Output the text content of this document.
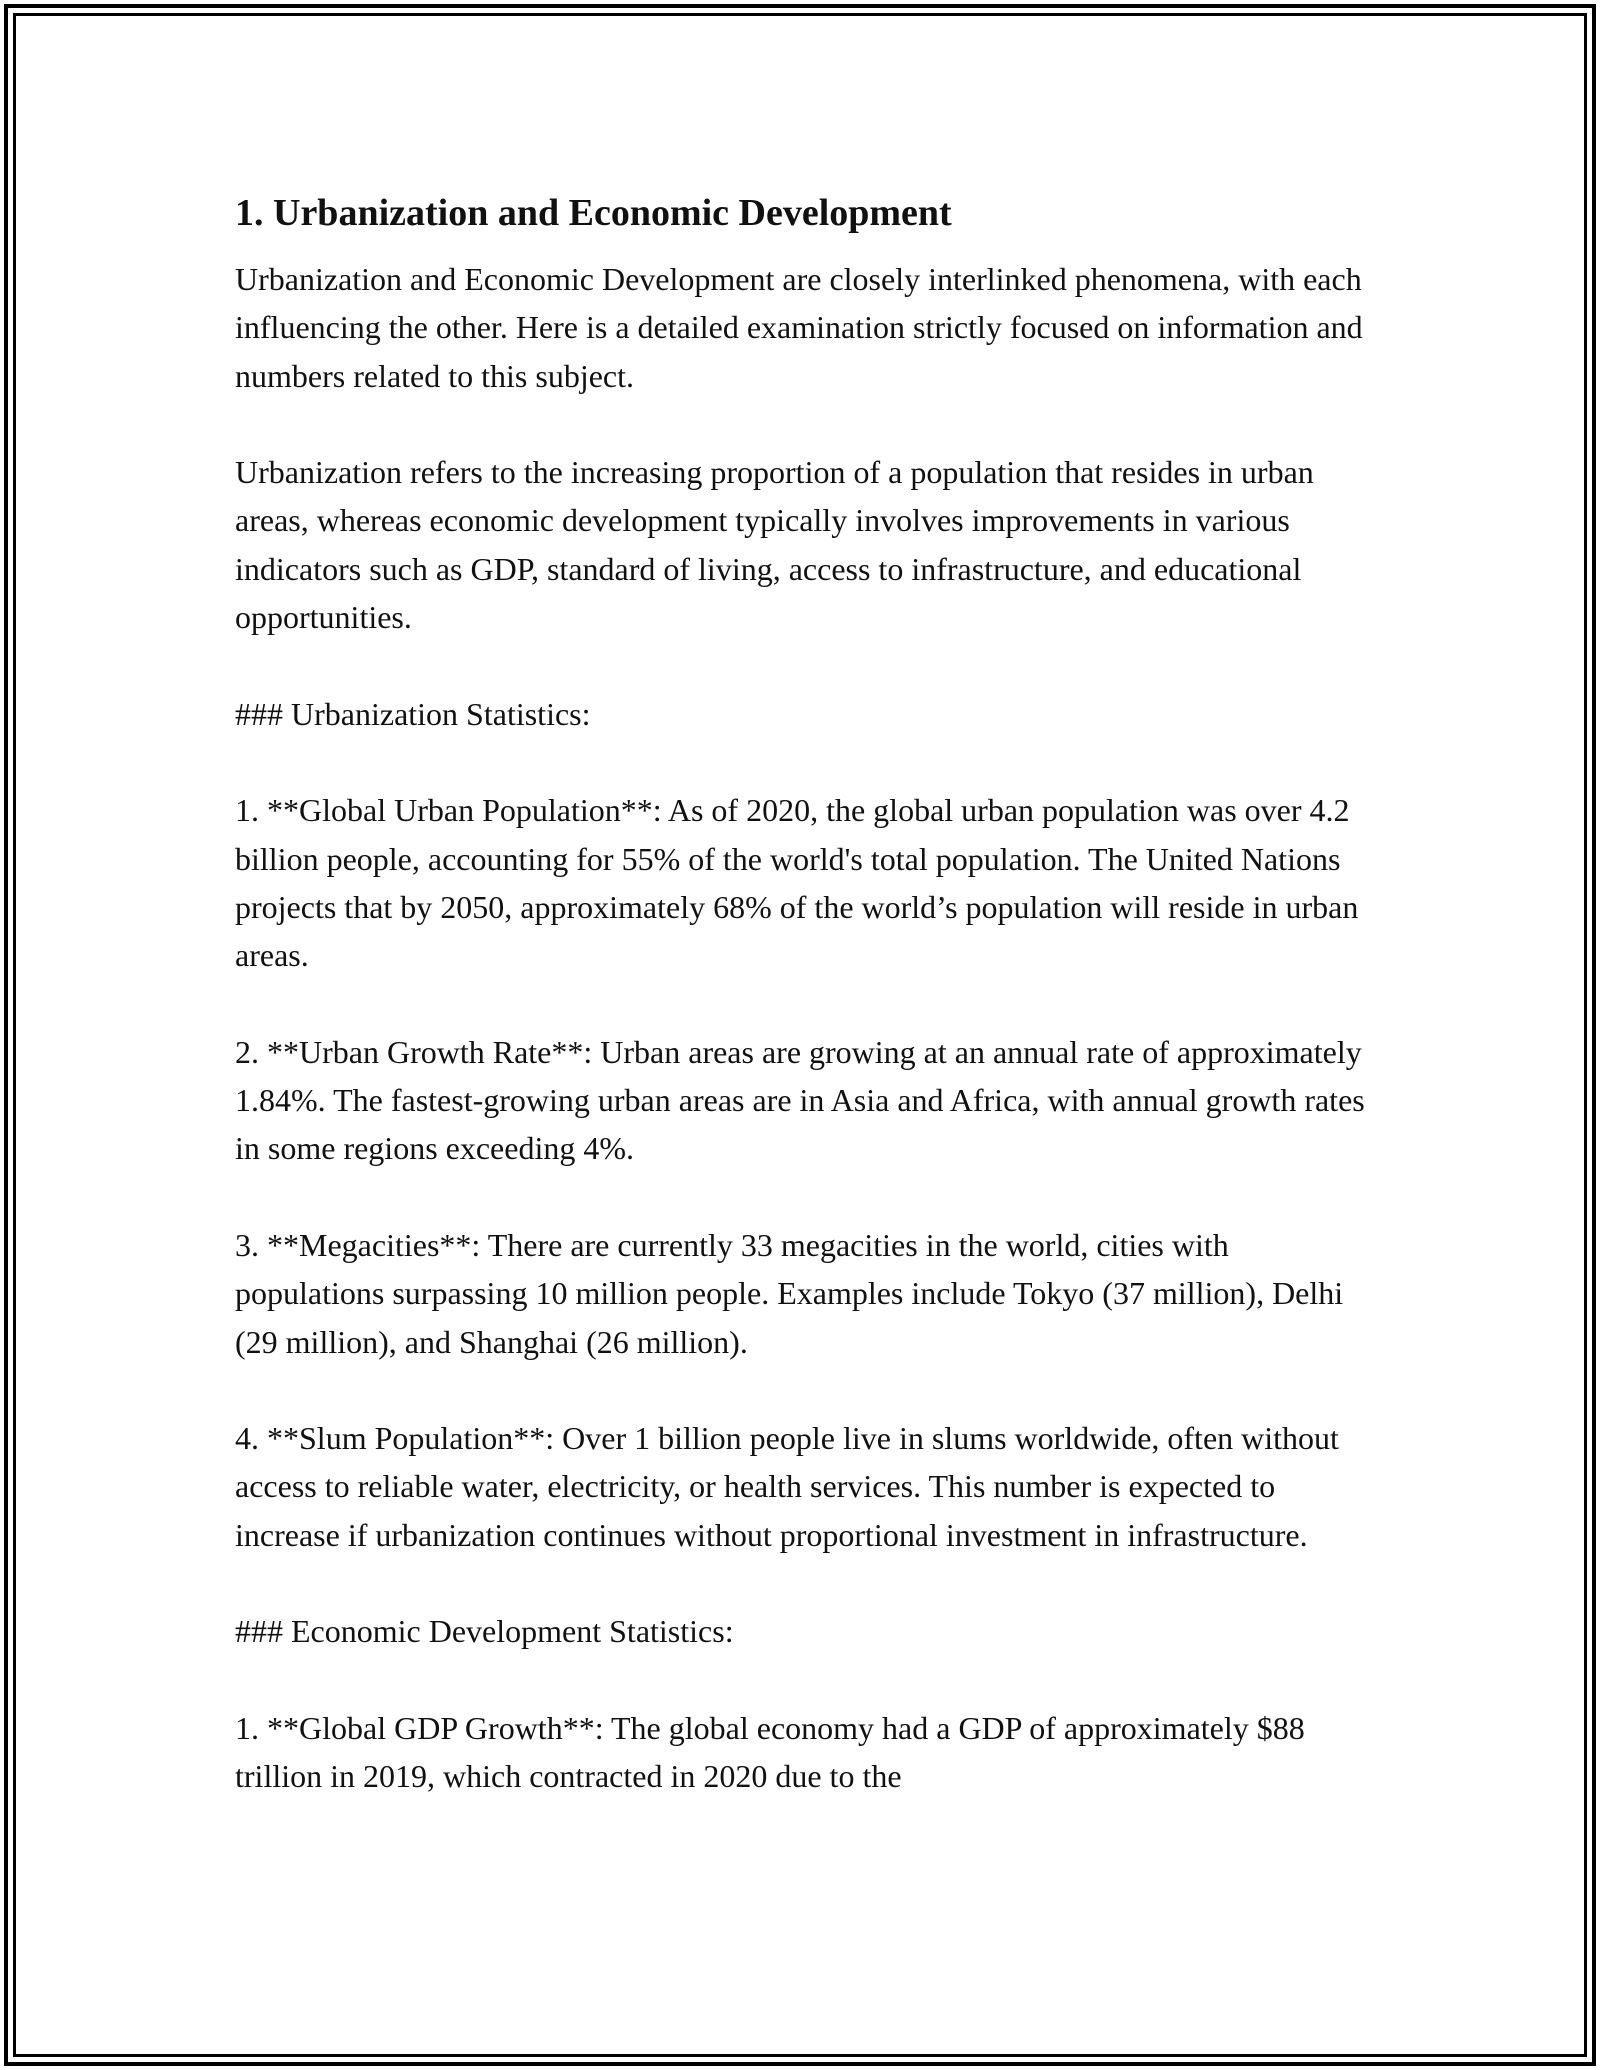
1. Urbanization and Economic Development

Urbanization and Economic Development are closely interlinked phenomena, with each influencing the other. Here is a detailed examination strictly focused on information and numbers related to this subject.

Urbanization refers to the increasing proportion of a population that resides in urban areas, whereas economic development typically involves improvements in various indicators such as GDP, standard of living, access to infrastructure, and educational opportunities.

### Urbanization Statistics:

1. **Global Urban Population**: As of 2020, the global urban population was over 4.2 billion people, accounting for 55% of the world's total population. The United Nations projects that by 2050, approximately 68% of the world’s population will reside in urban areas.

2. **Urban Growth Rate**: Urban areas are growing at an annual rate of approximately 1.84%. The fastest-growing urban areas are in Asia and Africa, with annual growth rates in some regions exceeding 4%.

3. **Megacities**: There are currently 33 megacities in the world, cities with populations surpassing 10 million people. Examples include Tokyo (37 million), Delhi (29 million), and Shanghai (26 million).

4. **Slum Population**: Over 1 billion people live in slums worldwide, often without access to reliable water, electricity, or health services. This number is expected to increase if urbanization continues without proportional investment in infrastructure.

### Economic Development Statistics:

1. **Global GDP Growth**: The global economy had a GDP of approximately $88 trillion in 2019, which contracted in 2020 due to the
